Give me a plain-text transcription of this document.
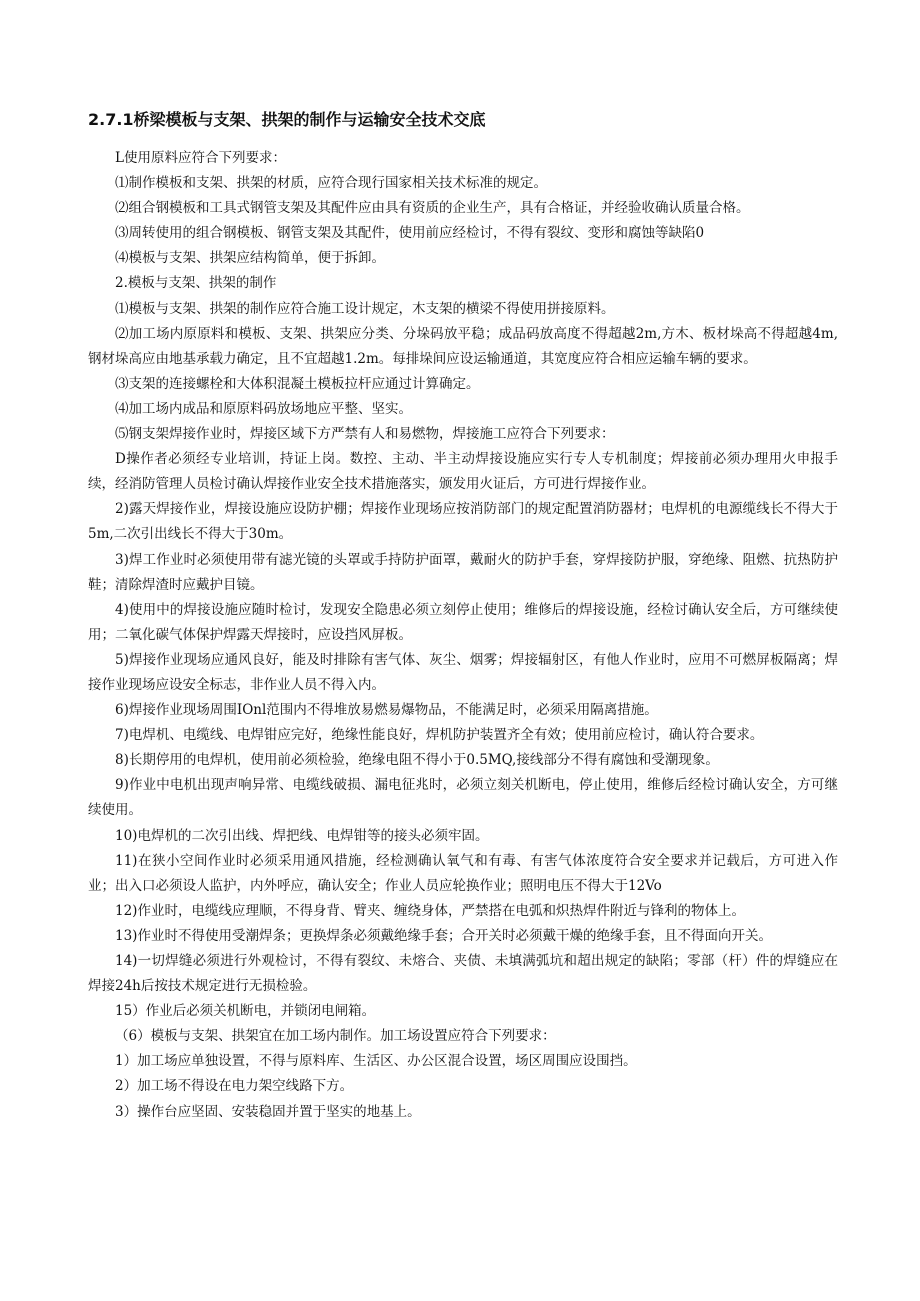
2.7.1桥梁模板与支架、拱架的制作与运输安全技术交底

L使用原料应符合下列要求：

⑴制作模板和支架、拱架的材质，应符合现行国家相关技术标准的规定。

⑵组合钢模板和工具式钢管支架及其配件应由具有资质的企业生产，具有合格证，并经验收确认质量合格。

⑶周转使用的组合钢模板、钢管支架及其配件，使用前应经检讨，不得有裂纹、变形和腐蚀等缺陷0

⑷模板与支架、拱架应结构简单，便于拆卸。

2.模板与支架、拱架的制作

⑴模板与支架、拱架的制作应符合施工设计规定，木支架的横梁不得使用拼接原料。

⑵加工场内原原料和模板、支架、拱架应分类、分垛码放平稳；成品码放高度不得超越2m,方木、板材垛高不得超越4m,钢材垛高应由地基承载力确定，且不宜超越1.2m。每排垛间应设运输通道，其宽度应符合相应运输车辆的要求。

⑶支架的连接螺栓和大体积混凝土模板拉杆应通过计算确定。

⑷加工场内成品和原原料码放场地应平整、坚实。

⑸钢支架焊接作业时，焊接区域下方严禁有人和易燃物，焊接施工应符合下列要求：

D操作者必须经专业培训，持证上岗。数控、主动、半主动焊接设施应实行专人专机制度；焊接前必须办理用火申报手续，经消防管理人员检讨确认焊接作业安全技术措施落实，颁发用火证后，方可进行焊接作业。

2)露天焊接作业，焊接设施应设防护棚；焊接作业现场应按消防部门的规定配置消防器材；电焊机的电源缆线长不得大于5m,二次引出线长不得大于30m。

3)焊工作业时必须使用带有滤光镜的头罩或手持防护面罩，戴耐火的防护手套，穿焊接防护服，穿绝缘、阻燃、抗热防护鞋；清除焊渣时应戴护目镜。

4)使用中的焊接设施应随时检讨，发现安全隐患必须立刻停止使用；维修后的焊接设施，经检讨确认安全后，方可继续使用；二氧化碳气体保护焊露天焊接时，应设挡风屏板。

5)焊接作业现场应通风良好，能及时排除有害气体、灰尘、烟雾；焊接辐射区，有他人作业时，应用不可燃屏板隔离；焊接作业现场应设安全标志，非作业人员不得入内。

6)焊接作业现场周围IOnl范围内不得堆放易燃易爆物品，不能满足时，必须采用隔离措施。

7)电焊机、电缆线、电焊钳应完好，绝缘性能良好，焊机防护装置齐全有效；使用前应检讨，确认符合要求。

8)长期停用的电焊机，使用前必须检验，绝缘电阻不得小于0.5MQ,接线部分不得有腐蚀和受潮现象。

9)作业中电机出现声响异常、电缆线破损、漏电征兆时，必须立刻关机断电，停止使用，维修后经检讨确认安全，方可继续使用。

10)电焊机的二次引出线、焊把线、电焊钳等的接头必须牢固。

11)在狭小空间作业时必须采用通风措施，经检测确认氧气和有毒、有害气体浓度符合安全要求并记载后，方可进入作业；出入口必须设人监护，内外呼应，确认安全；作业人员应轮换作业；照明电压不得大于12Vo

12)作业时，电缆线应理顺，不得身背、臂夹、缠绕身体，严禁搭在电弧和炽热焊件附近与锋利的物体上。

13)作业时不得使用受潮焊条；更换焊条必须戴绝缘手套；合开关时必须戴干燥的绝缘手套，且不得面向开关。

14)一切焊缝必须进行外观检讨，不得有裂纹、未熔合、夹债、未填满弧坑和超出规定的缺陷；零部（杆）件的焊缝应在焊接24h后按技术规定进行无损检验。

15）作业后必须关机断电，并锁闭电闸箱。

（6）模板与支架、拱架宜在加工场内制作。加工场设置应符合下列要求：

1）加工场应单独设置，不得与原料库、生活区、办公区混合设置，场区周围应设围挡。

2）加工场不得设在电力架空线路下方。

3）操作台应坚固、安装稳固并置于坚实的地基上。
